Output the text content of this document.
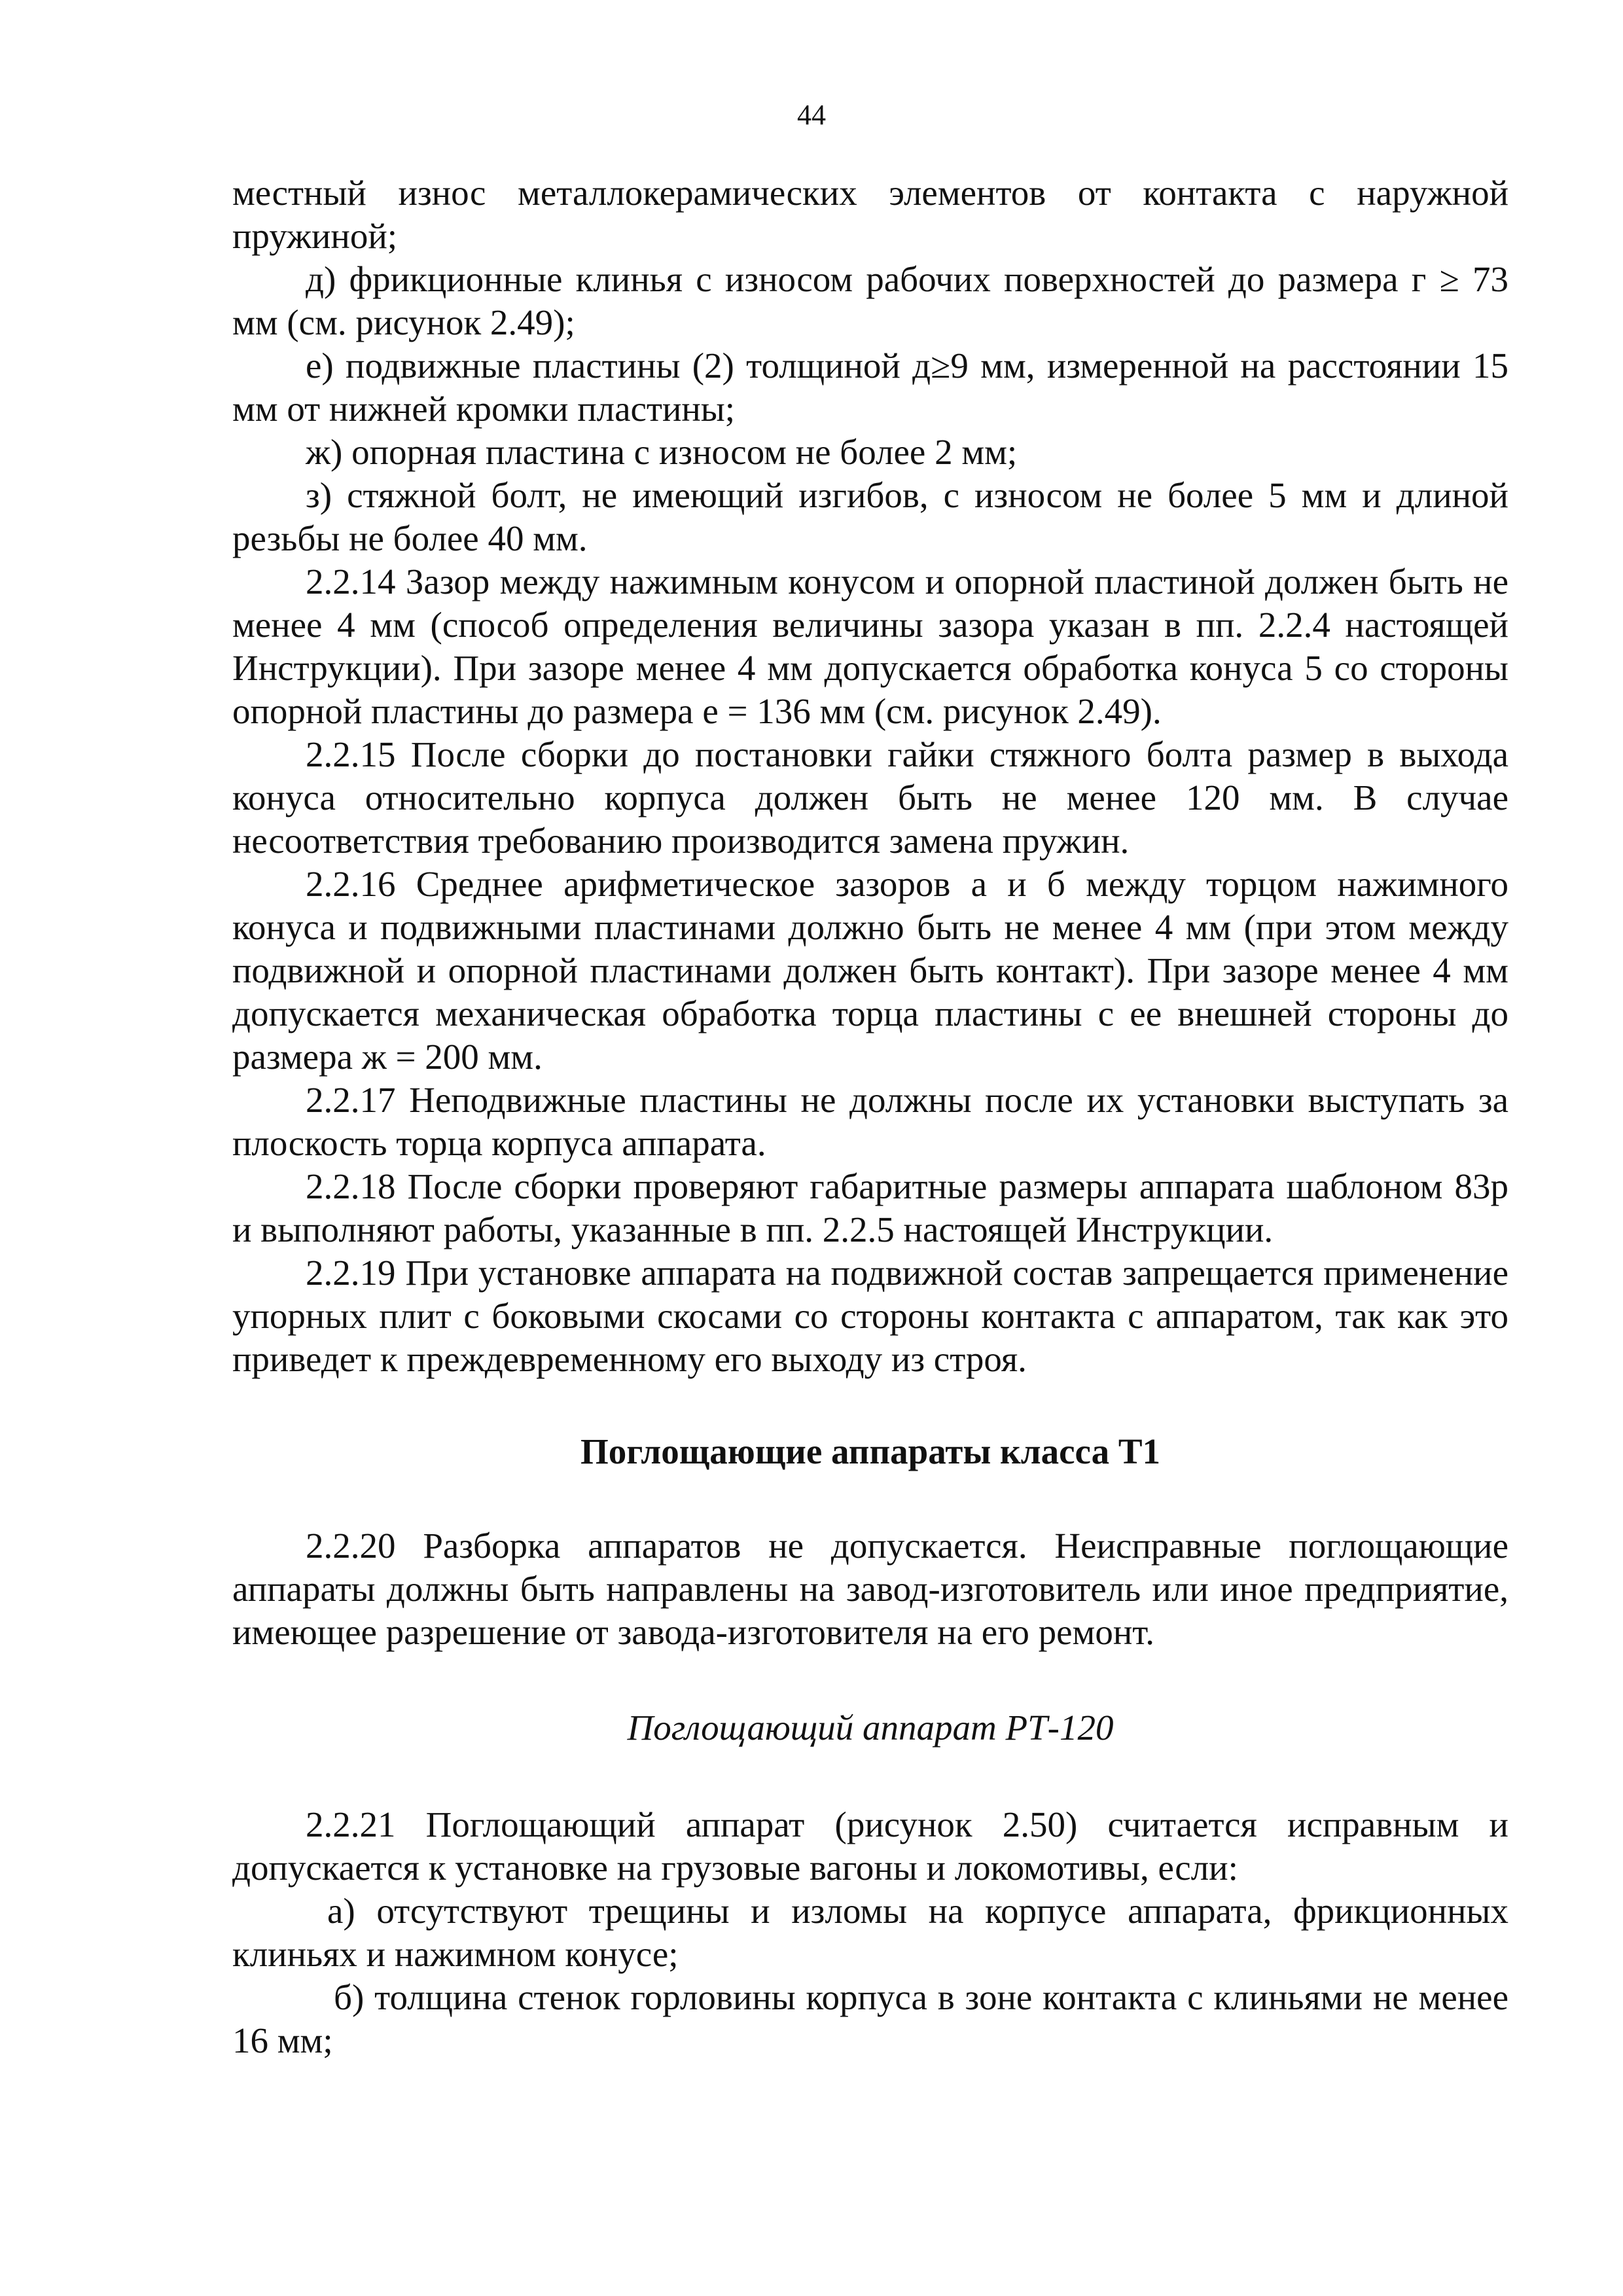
44

местный износ металлокерамических элементов от контакта с наружной пружиной;

д) фрикционные клинья с износом рабочих поверхностей до размера г ≥ 73 мм (см. рисунок 2.49);

е) подвижные пластины (2) толщиной д≥9 мм, измеренной на расстоянии 15 мм от нижней кромки пластины;

ж) опорная пластина с износом не более 2 мм;

з) стяжной болт, не имеющий изгибов, с износом не более 5 мм и длиной резьбы не более 40 мм.

2.2.14 Зазор между нажимным конусом и опорной пластиной должен быть не менее 4 мм (способ определения величины зазора указан в пп. 2.2.4 настоящей Инструкции). При зазоре менее 4 мм допускается обработка конуса 5 со стороны опорной пластины до размера е = 136 мм (см. рисунок 2.49).

2.2.15 После сборки до постановки гайки стяжного болта размер в выхода конуса относительно корпуса должен быть не менее 120 мм. В случае несоответствия требованию производится замена пружин.

2.2.16 Среднее арифметическое зазоров а и б между торцом нажимного конуса и подвижными пластинами должно быть не менее 4 мм (при этом между подвижной и опорной пластинами должен быть контакт). При зазоре менее 4 мм допускается механическая обработка торца пластины с ее внешней стороны до размера ж = 200 мм.

2.2.17 Неподвижные пластины не должны после их установки выступать за плоскость торца корпуса аппарата.

2.2.18 После сборки проверяют габаритные размеры аппарата шаблоном 83р и выполняют работы, указанные в пп. 2.2.5 настоящей Инструкции.

2.2.19 При установке аппарата на подвижной состав запрещается применение упорных плит с боковыми скосами со стороны контакта с аппаратом, так как это приведет к преждевременному его выходу из строя.

Поглощающие аппараты класса Т1

2.2.20 Разборка аппаратов не допускается. Неисправные поглощающие аппараты должны быть направлены на завод-изготовитель или иное предприятие, имеющее разрешение от завода-изготовителя на его ремонт.

Поглощающий аппарат РТ-120

2.2.21 Поглощающий аппарат (рисунок 2.50) считается исправным и допускается к установке на грузовые вагоны и локомотивы, если:

а) отсутствуют трещины и изломы на корпусе аппарата, фрикционных клиньях и нажимном конусе;

б) толщина стенок горловины корпуса в зоне контакта с клиньями не менее 16 мм;
